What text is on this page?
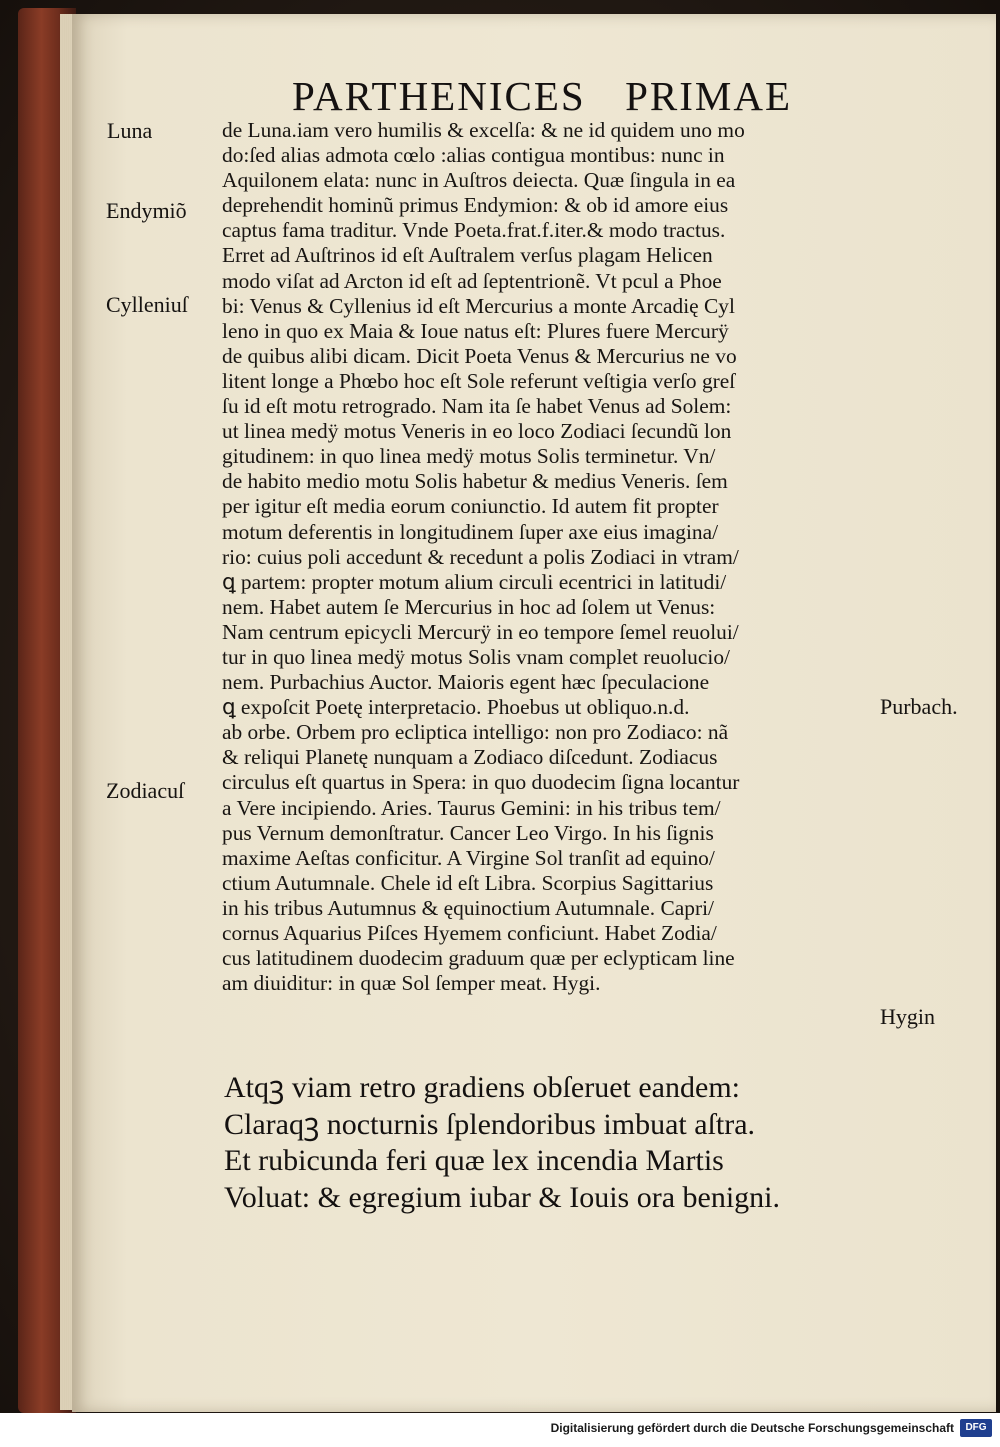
PARTHENICES PRIMAE
Luna
Endymiõ
Cylleniuſ
Zodiacuſ
Purbach.
Hygin
de Luna.iam vero humilis & excelſa: & ne id quidem uno mo
do:ſed alias admota cœlo :alias contigua montibus: nunc in
Aquilonem elata: nunc in Auſtros deiecta. Quæ ſingula in ea
deprehendit hominũ primus Endymion: & ob id amore eius
captus fama traditur. Vnde Poeta.frat.f.iter.& modo tractus.
Erret ad Auſtrinos id eſt Auſtralem verſus plagam Helicen
modo viſat ad Arcton id eſt ad ſeptentrionẽ. Vt pcul a Phoe
bi: Venus & Cyllenius id eſt Mercurius a monte Arcadię Cyl
leno in quo ex Maia & Ioue natus eſt: Plures fuere Mercurÿ
de quibus alibi dicam. Dicit Poeta Venus & Mercurius ne vo
litent longe a Phœbo hoc eſt Sole referunt veſtigia verſo greſ
ſu id eſt motu retrogrado. Nam ita ſe habet Venus ad Solem:
ut linea medÿ motus Veneris in eo loco Zodiaci ſecundũ lon
gitudinem: in quo linea medÿ motus Solis terminetur. Vn/
de habito medio motu Solis habetur & medius Veneris. ſem
per igitur eſt media eorum coniunctio. Id autem fit propter
motum deferentis in longitudinem ſuper axe eius imagina/
rio: cuius poli accedunt & recedunt a polis Zodiaci in vtram/
ꝗ partem: propter motum alium circuli ecentrici in latitudi/
nem. Habet autem ſe Mercurius in hoc ad ſolem ut Venus:
Nam centrum epicycli Mercurÿ in eo tempore ſemel reuolui/
tur in quo linea medÿ motus Solis vnam complet reuolucio/
nem. Purbachius Auctor. Maioris egent hæc ſpeculacione
ꝗ expoſcit Poetę interpretacio. Phoebus ut obliquo.n.d.
ab orbe. Orbem pro ecliptica intelligo: non pro Zodiaco: nã
& reliqui Planetę nunquam a Zodiaco diſcedunt. Zodiacus
circulus eſt quartus in Spera: in quo duodecim ſigna locantur
a Vere incipiendo. Aries. Taurus Gemini: in his tribus tem/
pus Vernum demonſtratur. Cancer Leo Virgo. In his ſignis
maxime Aeſtas conficitur. A Virgine Sol tranſit ad equino/
ctium Autumnale. Chele id eſt Libra. Scorpius Sagittarius
in his tribus Autumnus & ęquinoctium Autumnale. Capri/
cornus Aquarius Piſces Hyemem conficiunt. Habet Zodia/
cus latitudinem duodecim graduum quæ per eclypticam line
am diuiditur: in quæ Sol ſemper meat. Hygi.
Atqꝫ viam retro gradiens obſeruet eandem:
Claraqꝫ nocturnis ſplendoribus imbuat aſtra.
Et rubicunda feri quæ lex incendia Martis
Voluat: & egregium iubar & Iouis ora benigni.
Digitalisierung gefördert durch die Deutsche Forschungsgemeinschaft	DFG
